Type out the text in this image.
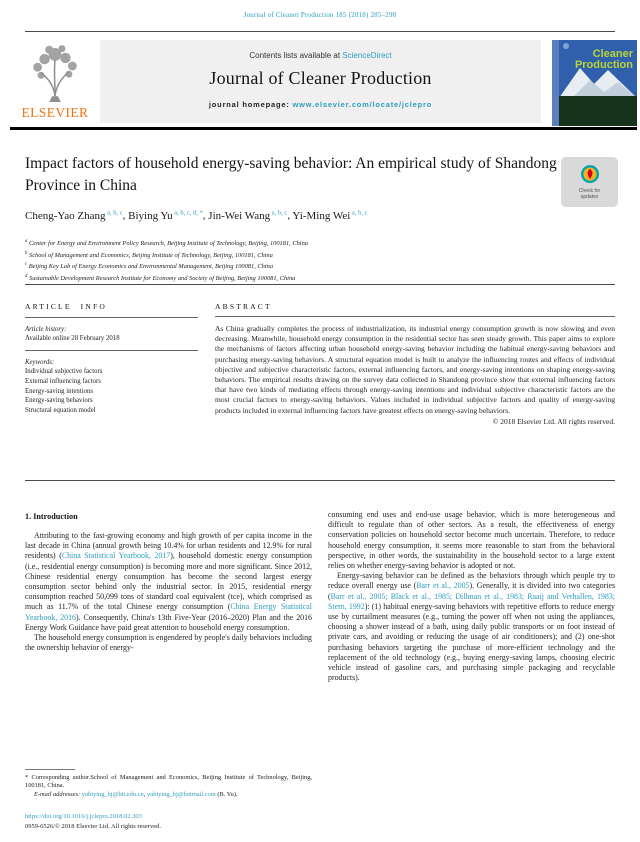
Journal of Cleaner Production 185 (2018) 285–298
ELSEVIER
Contents lists available at ScienceDirect
Journal of Cleaner Production
journal homepage: www.elsevier.com/locate/jclepro
Cleaner
Production
Impact factors of household energy-saving behavior: An empirical study of Shandong Province in China	Check for updates
Cheng-Yao Zhang $^{a, b, c}$, Biying Yu $^{a, b, c, d, *}$, Jin-Wei Wang $^{a, b, c}$, Yi-Ming Wei $^{a, b, c}$
$^a$ Center for Energy and Environment Policy Research, Beijing Institute of Technology, Beijing, 100181, China
$^b$ School of Management and Economics, Beijing Institute of Technology, Beijing, 100181, China
$^c$ Beijing Key Lab of Energy Economics and Environmental Management, Beijing 100081, China
$^d$ Sustainable Development Research Institute for Economy and Society of Beijing, Beijing 100081, China
ARTICLE INFO
Article history:
Available online 28 February 2018
Keywords:
Individual subjective factors
External influencing factors
Energy-saving intentions
Energy-saving behaviors
Structural equation model
ABSTRACT

As China gradually completes the process of industrialization, its industrial energy consumption growth is now slowing and even decreasing. Meanwhile, household energy consumption in the residential sector has seen steady growth. This paper aims to explore the mechanisms of factors affecting urban household energy-saving behavior including the habitual energy-saving behaviors and purchasing energy-saving behaviors. A structural equation model is built to analyze the influencing routes and effects of individual objective and subjective characteristic factors, external influencing factors, and energy-saving intentions on shaping energy-saving behaviors. The empirical results drawing on the survey data collected in Shandong province show that external influencing factors that have two kinds of mediating effects through energy-saving intentions and individual subjective characteristic factors are the most crucial factors to energy-saving behaviors. Values included in individual subjective factors and quality of energy-saving products included in external influencing factors have greatest effects on energy-saving behaviors.

© 2018 Elsevier Ltd. All rights reserved.
1. Introduction

Attributing to the fast-growing economy and high growth of per capita income in the last decade in China (annual growth being 10.4% for urban residents and 12.9% for rural residents) (China Statistical Yearbook, 2017), household domestic energy consumption (i.e., residential energy consumption) is becoming more and more significant. Since 2012, Chinese residential energy consumption has become the second largest energy consumption sector behind only the industrial sector. In 2015, residential energy consumption reached 50,099 tons of standard coal equivalent (tce), which comprised as much as 11.7% of the total Chinese energy consumption (China Energy Statistical Yearbook, 2016). Consequently, China's 13th Five-Year (2016–2020) Plan and the 2016 Energy Work Guidance have paid great attention to household energy consumption.

The household energy consumption is engendered by people's daily behaviors including the ownership behavior of energy-

* Corresponding author.School of Management and Economics, Beijing Institute of Technology, Beijing, 100181, China.

E-mail addresses: yubiying_bj@bit.edu.cn, yubiying_bj@hotmail.com (B. Yu).

https://doi.org/10.1016/j.jclepro.2018.02.303
0959-6526/© 2018 Elsevier Ltd. All rights reserved.

consuming end uses and end-use usage behavior, which is more heterogeneous and difficult to regulate than of other sectors. As a result, the effectiveness of energy conservation policies on household sector become much uncertain. Therefore, to reduce household energy consumption, it seems more reasonable to start from the behavioral perspective, in other words, the sustainability in the household sector to a large extent relies on whether energy-saving behavior is adopted or not.

Energy-saving behavior can be defined as the behaviors through which people try to reduce overall energy use (Barr et al., 2005). Generally, it is divided into two categories (Barr et al., 2005; Black et al., 1985; Dillman et al., 1983; Raaij and Verhallen, 1983; Stern, 1992): (1) habitual energy-saving behaviors with repetitive efforts to reduce energy use by curtailment measures (e.g., turning the power off when not using the appliances, choosing a shower instead of a bath, using daily public transports or on foot instead of private cars, and avoiding or reducing the usage of air conditioners); and (2) one-shot purchasing behaviors targeting the purchase of more-efficient technology and the replacement of the old technology (e.g., buying energy-saving lamps, choosing electric vehicle instead of gasoline cars, and purchasing simple packaging and recyclable products).
